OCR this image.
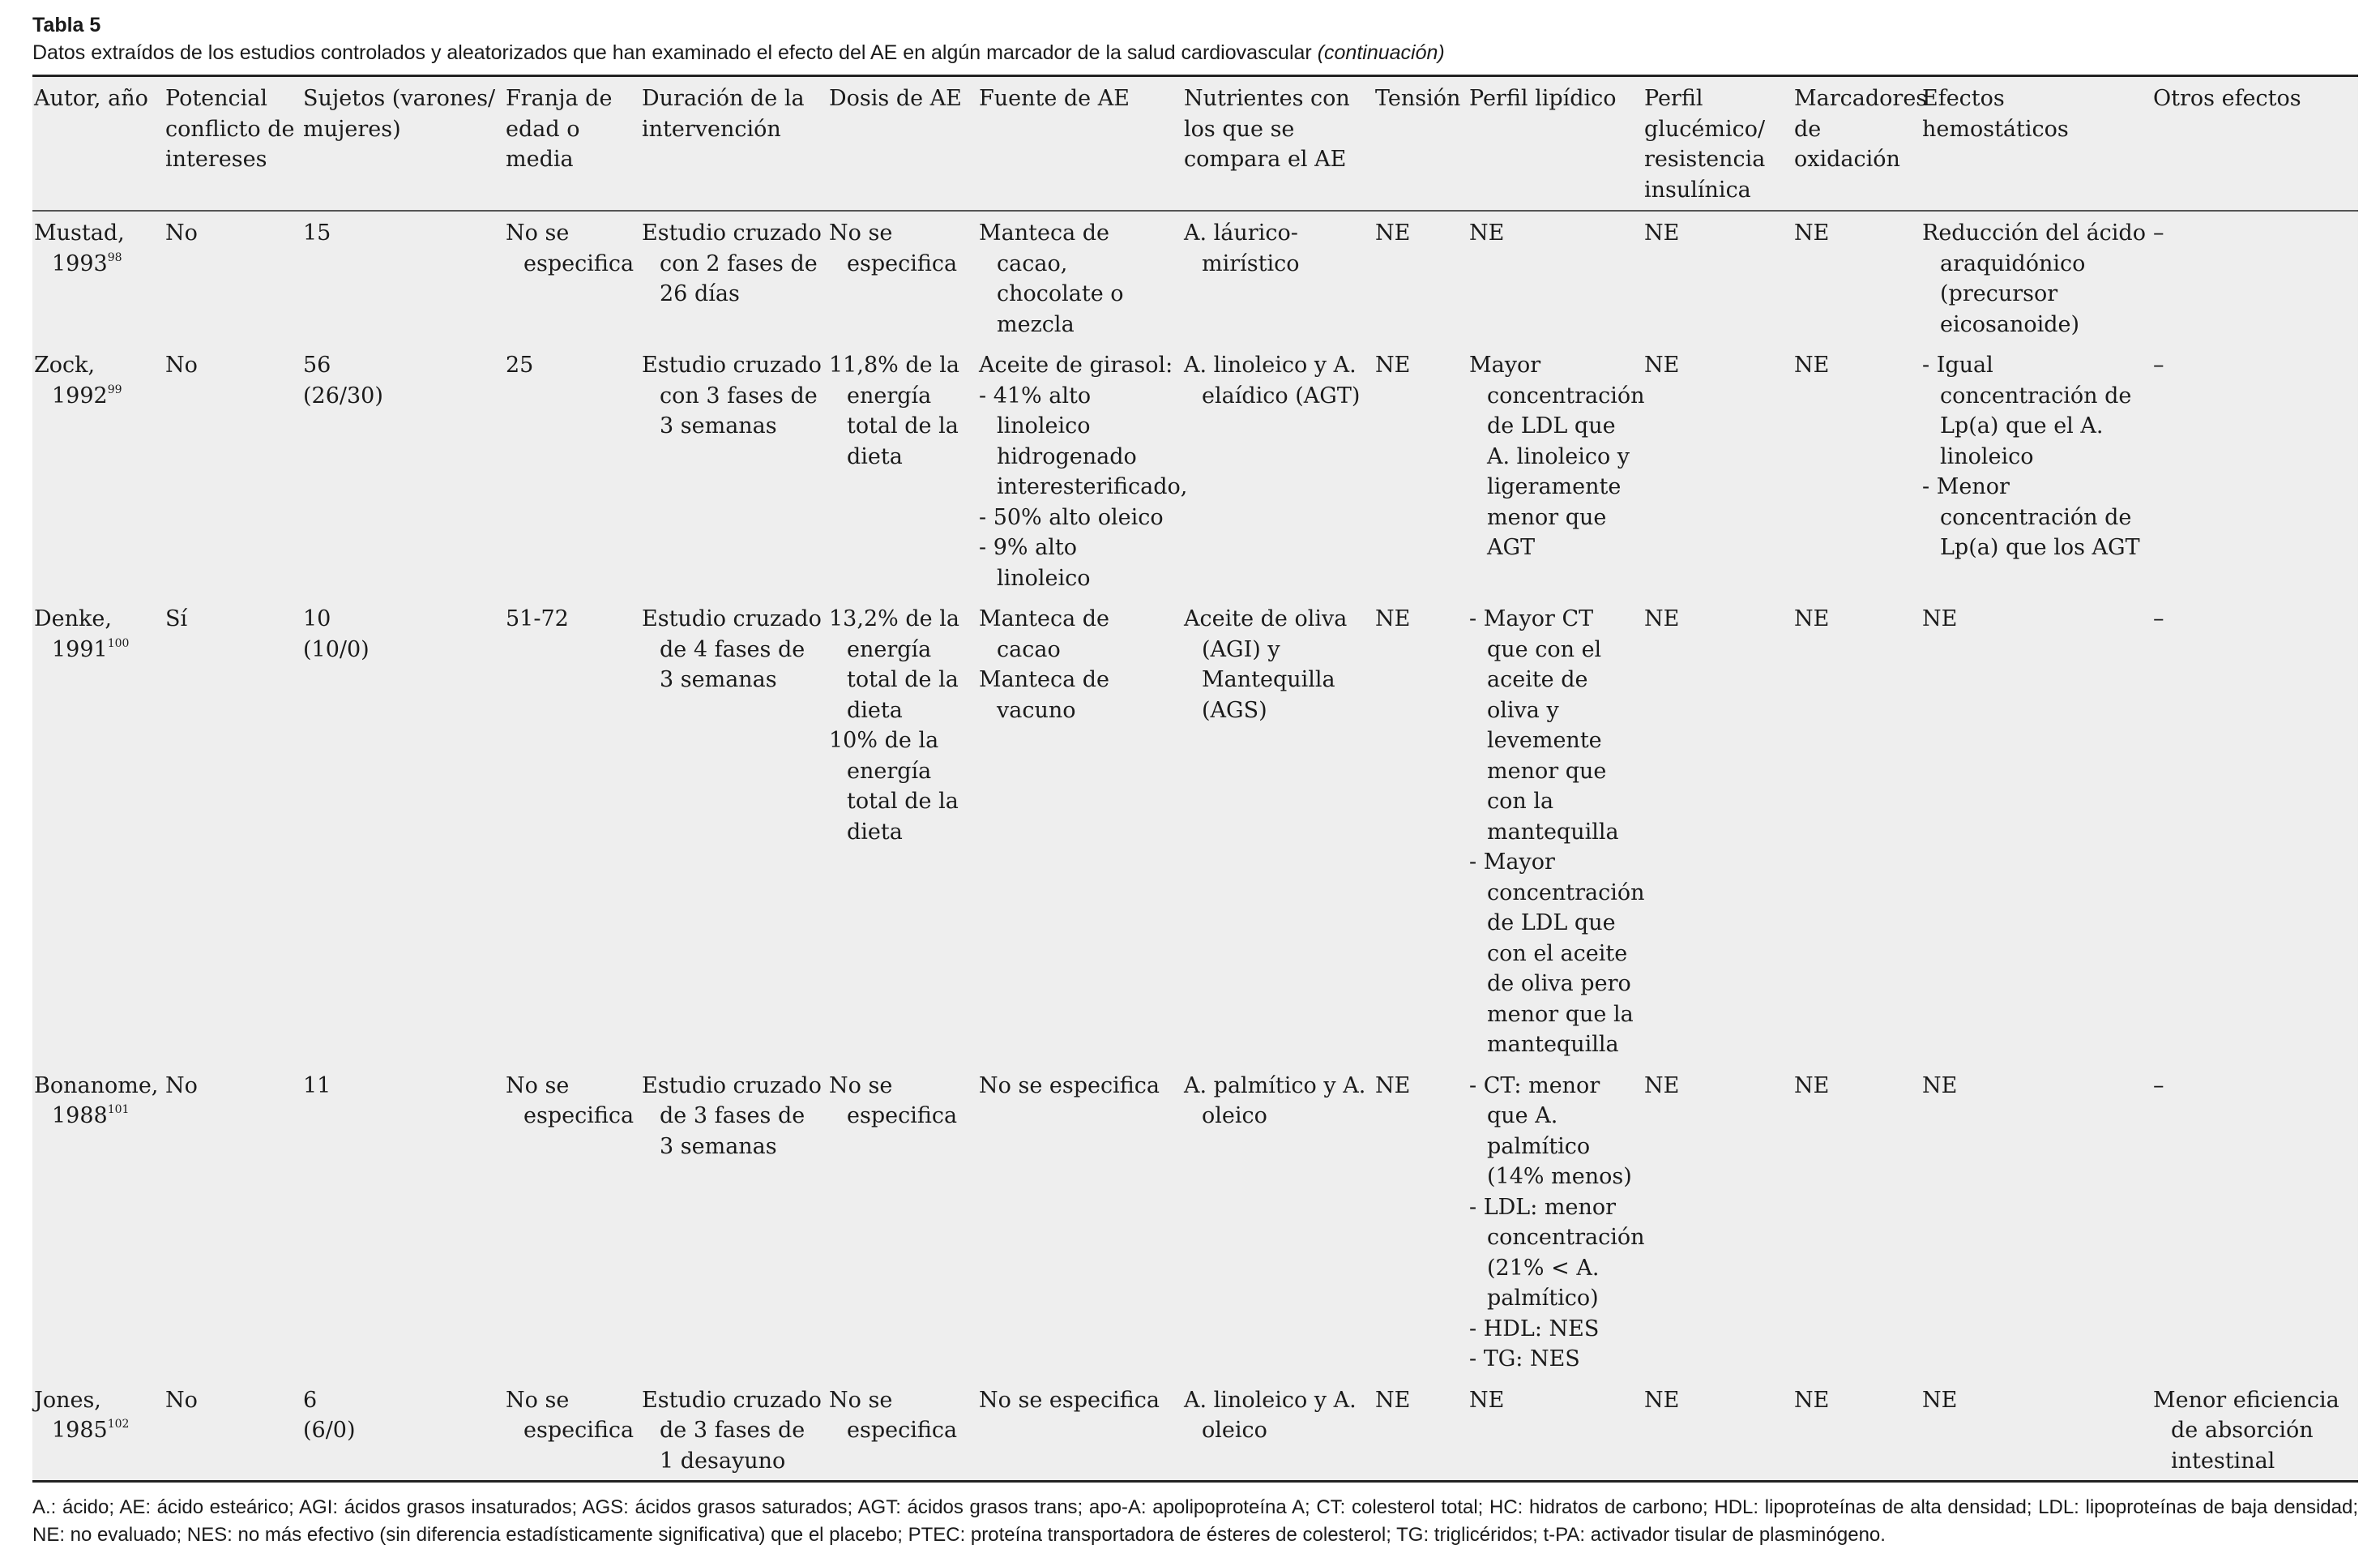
Tabla 5

Datos extraídos de los estudios controlados y aleatorizados que han examinado el efecto del AE en algún marcador de la salud cardiovascular (continuación)

Autor, año	Potencial conflicto de intereses	Sujetos (varones/ mujeres)	Franja de edad o media	Duración de la intervención	Dosis de AE	Fuente de AE	Nutrientes con los que se compara el AE	Tensión	Perfil lipídico	Perfil glucémico/ resistencia insulínica	Marcadores de oxidación	Efectos hemostáticos	Otros efectos

Mustad, 1993$^{98}$	No	15	No se especifica	Estudio cruzado con 2 fases de 26 días	No se especifica	Manteca de cacao, chocolate o mezcla	A. láurico-mirístico	NE	NE	NE	NE	Reducción del ácido araquidónico (precursor eicosanoide)	–

Zock, 1992$^{99}$	No	56
(26/30)	25	Estudio cruzado con 3 fases de 3 semanas	11,8% de la energía total de la dieta	Aceite de girasol:
- 41% alto linoleico hidrogenado interesterificado,
- 50% alto oleico
- 9% alto linoleico	A. linoleico y A. elaídico (AGT)	NE	Mayor concentración de LDL que A. linoleico y ligeramente menor que AGT	NE	NE	- Igual concentración de Lp(a) que el A. linoleico
- Menor concentración de Lp(a) que los AGT	–

Denke, 1991$^{100}$	Sí	10
(10/0)	51-72	Estudio cruzado de 4 fases de 3 semanas	13,2% de la energía total de la dieta
10% de la energía total de la dieta	Manteca de cacao
Manteca de vacuno	Aceite de oliva (AGI) y Mantequilla (AGS)	NE	- Mayor CT que con el aceite de oliva y levemente menor que con la mantequilla
- Mayor concentración de LDL que con el aceite de oliva pero menor que la mantequilla	NE	NE	NE	–

Bonanome, 1988$^{101}$	No	11	No se especifica	Estudio cruzado de 3 fases de 3 semanas	No se especifica	No se especifica	A. palmítico y A. oleico	NE	- CT: menor que A. palmítico (14% menos)
- LDL: menor concentración (21% < A. palmítico)
- HDL: NES
- TG: NES	NE	NE	NE	–

Jones, 1985$^{102}$	No	6
(6/0)	No se especifica	Estudio cruzado de 3 fases de 1 desayuno	No se especifica	No se especifica	A. linoleico y A. oleico	NE	NE	NE	NE	NE	Menor eficiencia de absorción intestinal
A.: ácido; AE: ácido esteárico; AGI: ácidos grasos insaturados; AGS: ácidos grasos saturados; AGT: ácidos grasos trans; apo-A: apolipoproteína A; CT: colesterol total; HC: hidratos de carbono; HDL: lipoproteínas de alta densidad; LDL: lipoproteínas de baja densidad; NE: no evaluado; NES: no más efectivo (sin diferencia estadísticamente significativa) que el placebo; PTEC: proteína transportadora de ésteres de colesterol; TG: triglicéridos; t-PA: activador tisular de plasminógeno.
